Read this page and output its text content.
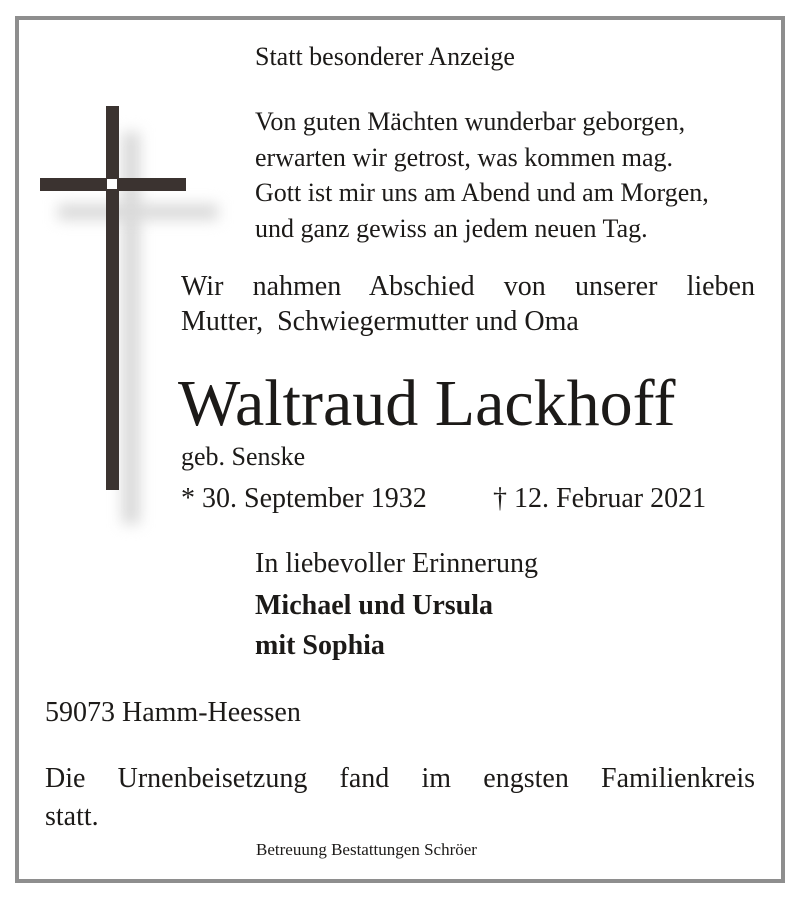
Statt besonderer Anzeige
Von guten Mächten wunderbar geborgen,
erwarten wir getrost, was kommen mag.
Gott ist mir uns am Abend und am Morgen,
und ganz gewiss an jedem neuen Tag.
Wir nahmen Abschied von unserer lieben
Mutter,  Schwiegermutter und Oma
Waltraud Lackhoff
geb. Senske
* 30. September 1932 † 12. Februar 2021
In liebevoller Erinnerung
Michael und Ursula
mit Sophia
59073 Hamm-Heessen
Die Urnenbeisetzung fand im engsten Familienkreis
statt.
Betreuung Bestattungen Schröer
